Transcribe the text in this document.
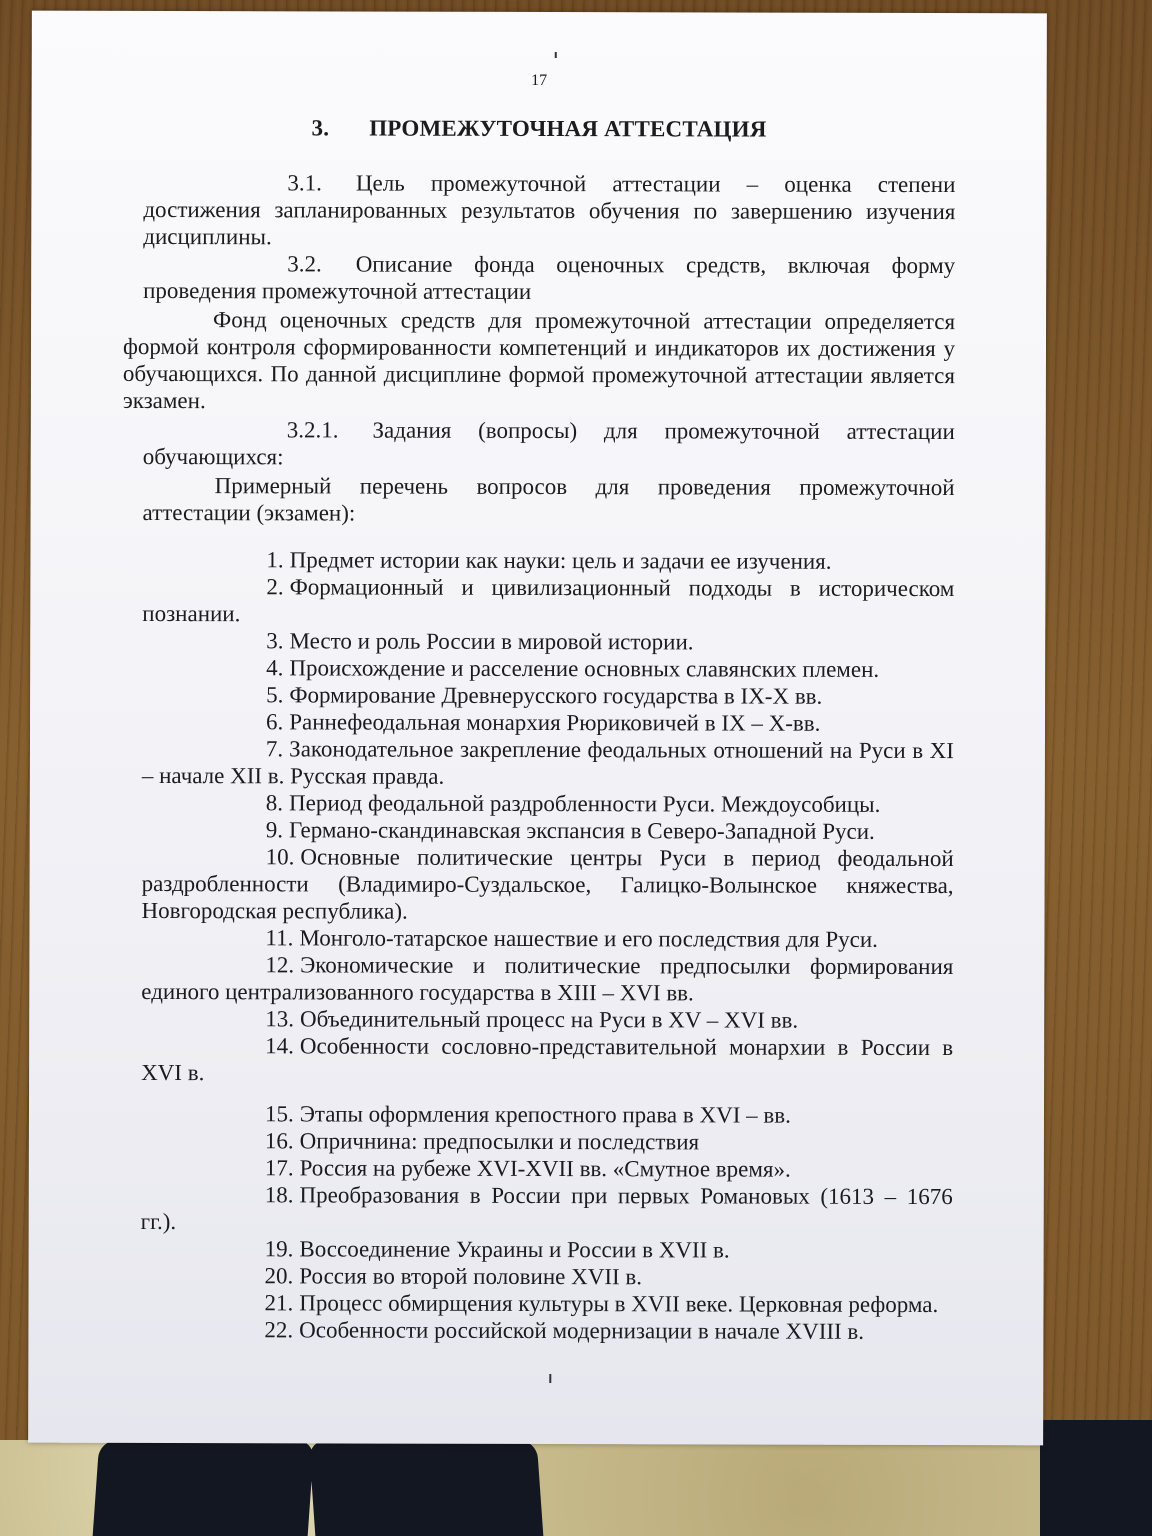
17
3. ПРОМЕЖУТОЧНАЯ АТТЕСТАЦИЯ

3.1. Цель промежуточной аттестации – оценка степени достижения запланированных результатов обучения по завершению изучения дисциплины.

3.2. Описание фонда оценочных средств, включая форму проведения промежуточной аттестации

Фонд оценочных средств для промежуточной аттестации определяется формой контроля сформированности компетенций и индикаторов их достижения у обучающихся. По данной дисциплине формой промежуточной аттестации является экзамен.

3.2.1. Задания (вопросы) для промежуточной аттестации обучающихся:

Примерный перечень вопросов для проведения промежуточной аттестации (экзамен):

1. Предмет истории как науки: цель и задачи ее изучения.
2. Формационный и цивилизационный подходы в историческом познании.
3. Место и роль России в мировой истории.
4. Происхождение и расселение основных славянских племен.
5. Формирование Древнерусского государства в IX-X вв.
6. Раннефеодальная монархия Рюриковичей в IX – X-вв.
7. Законодательное закрепление феодальных отношений на Руси в XI – начале XII в. Русская правда.
8. Период феодальной раздробленности Руси. Междоусобицы.
9. Германо-скандинавская экспансия в Северо-Западной Руси.
10. Основные политические центры Руси в период феодальной раздробленности (Владимиро-Суздальское, Галицко-Волынское княжества, Новгородская республика).
11. Монголо-татарское нашествие и его последствия для Руси.
12. Экономические и политические предпосылки формирования единого централизованного государства в XIII – XVI вв.
13. Объединительный процесс на Руси в XV – XVI вв.
14. Особенности сословно-представительной монархии в России в XVI в.
15. Этапы оформления крепостного права в XVI – вв.
16. Опричнина: предпосылки и последствия
17. Россия на рубеже XVI-XVII вв. «Смутное время».
18. Преобразования в России при первых Романовых (1613 – 1676 гг.).
19. Воссоединение Украины и России в XVII в.
20. Россия во второй половине XVII в.
21. Процесс обмирщения культуры в XVII веке. Церковная реформа.
22. Особенности российской модернизации в начале XVIII в.
